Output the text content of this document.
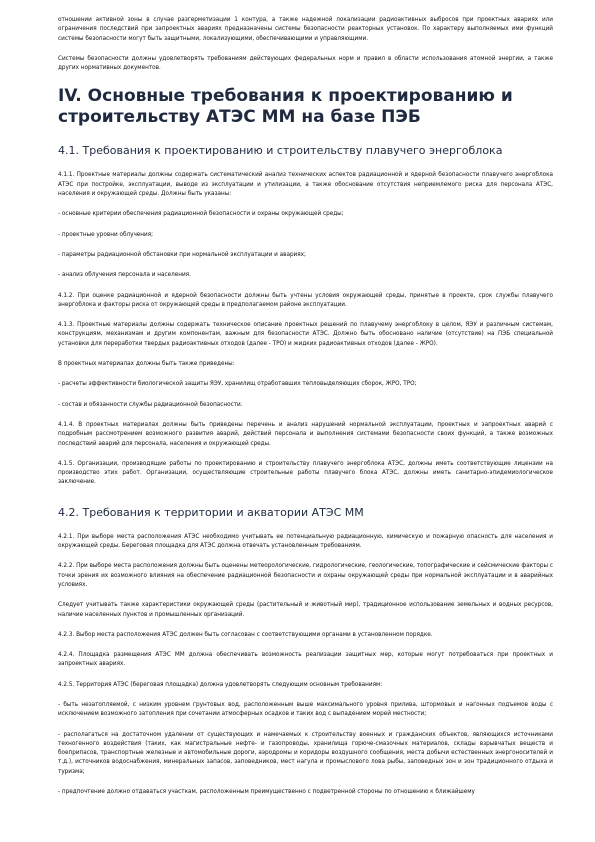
отношении активной зоны в случае разгерметизации 1 контура, а также надежной локализации радиоактивных выбросов при проектных авариях или ограничения последствий при запроектных авариях предназначены системы безопасности реакторных установок. По характеру выполняемых ими функций системы безопасности могут быть защитными, локализующими, обеспечивающими и управляющими.

Системы безопасности должны удовлетворять требованиям действующих федеральных норм и правил в области использования атомной энергии, а также других нормативных документов.

IV. Основные требования к проектированию и строительству АТЭС ММ на базе ПЭБ
4.1. Требования к проектированию и строительству плавучего энергоблока

4.1.1. Проектные материалы должны содержать систематический анализ технических аспектов радиационной и ядерной безопасности плавучего энергоблока АТЭС при постройке, эксплуатации, выводе из эксплуатации и утилизации, а также обоснование отсутствия неприемлемого риска для персонала АТЭС, населения и окружающей среды. Должны быть указаны:

- основные критерии обеспечения радиационной безопасности и охраны окружающей среды;

- проектные уровни облучения;

- параметры радиационной обстановки при нормальной эксплуатации и авариях;

- анализ облучения персонала и населения.

4.1.2. При оценке радиационной и ядерной безопасности должны быть учтены условия окружающей среды, принятые в проекте, срок службы плавучего энергоблока и факторы риска от окружающей среды в предполагаемом районе эксплуатации.

4.1.3. Проектные материалы должны содержать техническое описание проектных решений по плавучему энергоблоку в целом, ЯЭУ и различным системам, конструкциям, механизмам и другим компонентам, важным для безопасности АТЭС. Должно быть обосновано наличие (отсутствие) на ПЭБ специальной установки для переработки твердых радиоактивных отходов (далее - ТРО) и жидких радиоактивных отходов (далее - ЖРО).

В проектных материалах должны быть также приведены:

- расчеты эффективности биологической защиты ЯЭУ, хранилищ отработавших тепловыделяющих сборок, ЖРО, ТРО;

- состав и обязанности службы радиационной безопасности.

4.1.4. В проектных материалах должны быть приведены перечень и анализ нарушений нормальной эксплуатации, проектных и запроектных аварий с подробным рассмотрением возможного развития аварий, действий персонала и выполнения системами безопасности своих функций, а также возможных последствий аварий для персонала, населения и окружающей среды.

4.1.5. Организации, производящие работы по проектированию и строительству плавучего энергоблока АТЭС, должны иметь соответствующие лицензии на производство этих работ. Организации, осуществляющие строительные работы плавучего блока АТЭС, должны иметь санитарно-эпидемиологическое заключение.

4.2. Требования к территории и акватории АТЭС ММ

4.2.1. При выборе места расположения АТЭС необходимо учитывать ее потенциальную радиационную, химическую и пожарную опасность для населения и окружающей среды. Береговая площадка для АТЭС должна отвечать установленным требованиям.

4.2.2. При выборе места расположения должны быть оценены метеорологические, гидрологические, геологические, топографические и сейсмические факторы с точки зрения их возможного влияния на обеспечение радиационной безопасности и охраны окружающей среды при нормальной эксплуатации и в аварийных условиях.

Следует учитывать также характеристики окружающей среды (растительный и животный мир), традиционное использование земельных и водных ресурсов, наличие населенных пунктов и промышленных организаций.

4.2.3. Выбор места расположения АТЭС должен быть согласован с соответствующими органами в установленном порядке.

4.2.4. Площадка размещения АТЭС ММ должна обеспечивать возможность реализации защитных мер, которые могут потребоваться при проектных и запроектных авариях.

4.2.5. Территория АТЭС (береговая площадка) должна удовлетворять следующим основным требованиям:

- быть незатопляемой, с низким уровнем грунтовых вод, расположенным выше максимального уровня прилива, штормовых и нагонных подъемов воды с исключением возможного затопления при сочетании атмосферных осадков и таких вод с выпадением морей местности;

- располагаться на достаточном удалении от существующих и намечаемых к строительству военных и гражданских объектов, являющихся источниками техногенного воздействия (таких, как магистральные нефте- и газопроводы, хранилища горюче-смазочных материалов, склады взрывчатых веществ и боеприпасов, транспортные железные и автомобильные дороги, аэродромы и коридоры воздушного сообщения, места добычи естественных энергоносителей и т.д.), источников водоснабжения, минеральных запасов, заповедников, мест нагула и промыслового лова рыбы, заповедных зон и зон традиционного отдыха и туризма;

- предпочтение должно отдаваться участкам, расположенным преимущественно с подветренной стороны по отношению к ближайшему
